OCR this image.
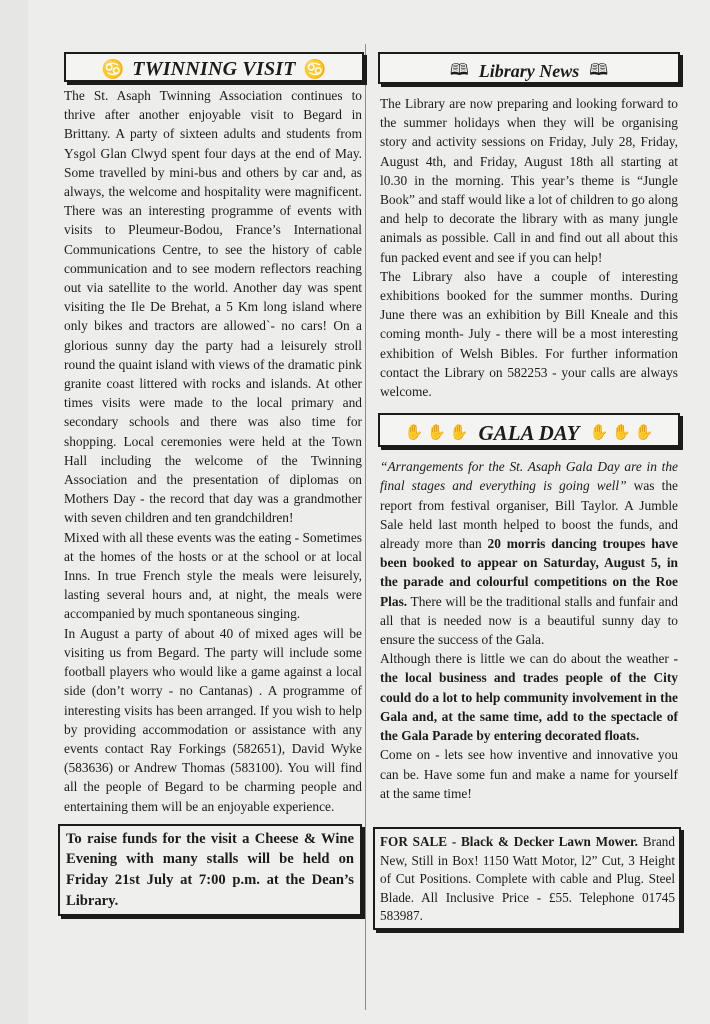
♋ TWINNING VISIT ♋

The St. Asaph Twinning Association continues to thrive after another enjoyable visit to Begard in Brittany. A party of sixteen adults and students from Ysgol Glan Clwyd spent four days at the end of May. Some travelled by mini-bus and others by car and, as always, the welcome and hospitality were magnificent. There was an interesting programme of events with visits to Pleumeur-Bodou, France’s International Communications Centre, to see the history of cable communication and to see modern reflectors reaching out via satellite to the world. Another day was spent visiting the Ile De Brehat, a 5 Km long island where only bikes and tractors are allowed`- no cars! On a glorious sunny day the party had a leisurely stroll round the quaint island with views of the dramatic pink granite coast littered with rocks and islands. At other times visits were made to the local primary and secondary schools and there was also time for shopping. Local ceremonies were held at the Town Hall including the welcome of the Twinning Association and the presentation of diplomas on Mothers Day - the record that day was a grandmother with seven children and ten grandchildren!

Mixed with all these events was the eating - Sometimes at the homes of the hosts or at the school or at local Inns. In true French style the meals were leisurely, lasting several hours and, at night, the meals were accompanied by much spontaneous singing.

In August a party of about 40 of mixed ages will be visiting us from Begard. The party will include some football players who would like a game against a local side (don’t worry - no Cantanas) . A programme of interesting visits has been arranged. If you wish to help by providing accommodation or assistance with any events contact Ray Forkings (582651), David Wyke (583636) or Andrew Thomas (583100). You will find all the people of Begard to be charming people and entertaining them will be an enjoyable experience.

To raise funds for the visit a Cheese & Wine Evening with many stalls will be held on Friday 21st July at 7:00 p.m. at the Dean’s Library.
🕮 Library News 🕮

The Library are now preparing and looking forward to the summer holidays when they will be organising story and activity sessions on Friday, July 28, Friday, August 4th, and Friday, August 18th all starting at l0.30 in the morning. This year’s theme is “Jungle Book” and staff would like a lot of children to go along and help to decorate the library with as many jungle animals as possible. Call in and find out all about this fun packed event and see if you can help!

The Library also have a couple of interesting exhibitions booked for the summer months. During June there was an exhibition by Bill Kneale and this coming month- July - there will be a most interesting exhibition of Welsh Bibles. For further information contact the Library on 582253 - your calls are always welcome.

✋ ✋ ✋ GALA DAY ✋ ✋ ✋

“Arrangements for the St. Asaph Gala Day are in the final stages and everything is going well” was the report from festival organiser, Bill Taylor. A Jumble Sale held last month helped to boost the funds, and already more than 20 morris dancing troupes have been booked to appear on Saturday, August 5, in the parade and colourful competitions on the Roe Plas. There will be the traditional stalls and funfair and all that is needed now is a beautiful sunny day to ensure the success of the Gala.

Although there is little we can do about the weather - the local business and trades people of the City could do a lot to help community involvement in the Gala and, at the same time, add to the spectacle of the Gala Parade by entering decorated floats.

Come on - lets see how inventive and innovative you can be. Have some fun and make a name for yourself at the same time!

FOR SALE - Black & Decker Lawn Mower. Brand New, Still in Box! 1150 Watt Motor, l2” Cut, 3 Height of Cut Positions. Complete with cable and Plug. Steel Blade. All Inclusive Price - £55. Telephone 01745 583987.
